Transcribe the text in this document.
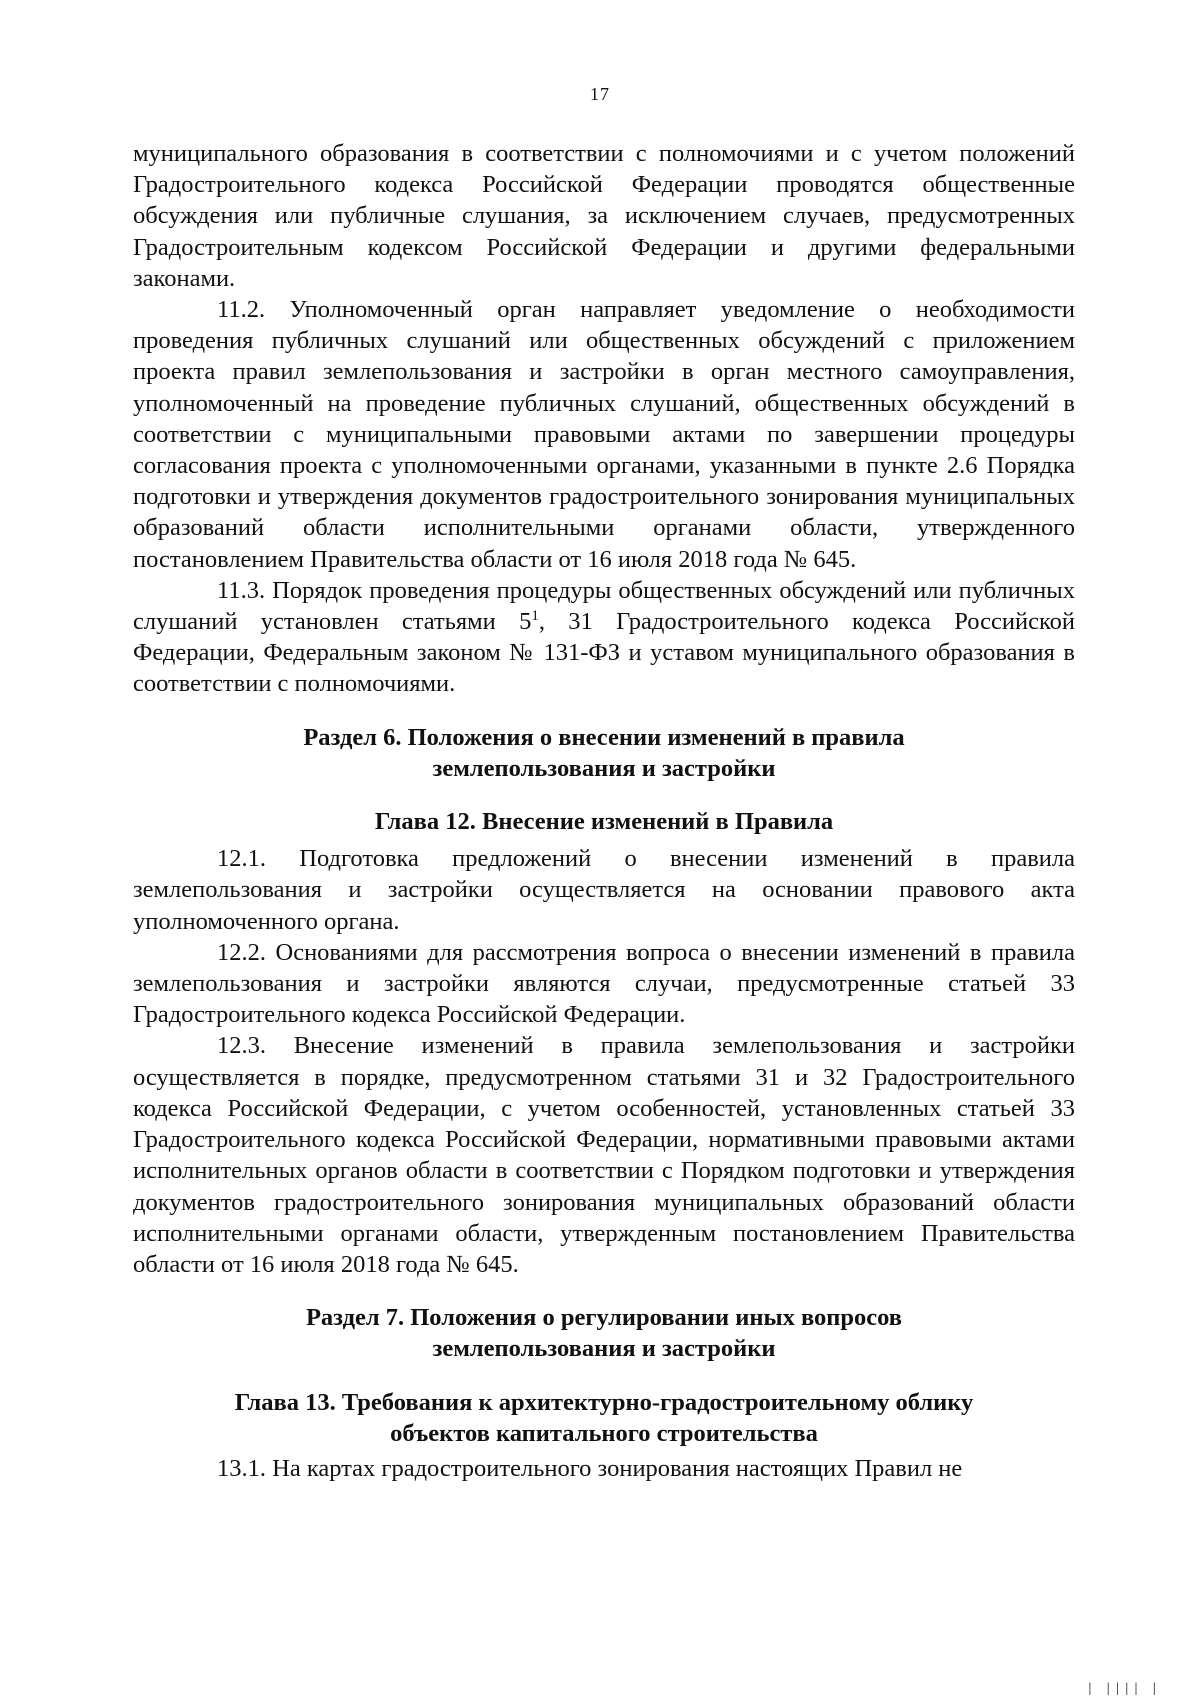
17

муниципального образования в соответствии с полномочиями и с учетом положений Градостроительного кодекса Российской Федерации проводятся общественные обсуждения или публичные слушания, за исключением случаев, предусмотренных Градостроительным кодексом Российской Федерации и другими федеральными законами.

11.2. Уполномоченный орган направляет уведомление о необходимости проведения публичных слушаний или общественных обсуждений с приложением проекта правил землепользования и застройки в орган местного самоуправления, уполномоченный на проведение публичных слушаний, общественных обсуждений в соответствии с муниципальными правовыми актами по завершении процедуры согласования проекта с уполномоченными органами, указанными в пункте 2.6 Порядка подготовки и утверждения документов градостроительного зонирования муниципальных образований области исполнительными органами области, утвержденного постановлением Правительства области от 16 июля 2018 года № 645.

11.3. Порядок проведения процедуры общественных обсуждений или публичных слушаний установлен статьями $5^1$, 31 Градостроительного кодекса Российской Федерации, Федеральным законом № 131-ФЗ и уставом муниципального образования в соответствии с полномочиями.

Раздел 6. Положения о внесении изменений в правила
землепользования и застройки
Глава 12. Внесение изменений в Правила

12.1. Подготовка предложений о внесении изменений в правила землепользования и застройки осуществляется на основании правового акта уполномоченного органа.

12.2. Основаниями для рассмотрения вопроса о внесении изменений в правила землепользования и застройки являются случаи, предусмотренные статьей 33 Градостроительного кодекса Российской Федерации.

12.3. Внесение изменений в правила землепользования и застройки осуществляется в порядке, предусмотренном статьями 31 и 32 Градостроительного кодекса Российской Федерации, с учетом особенностей, установленных статьей 33 Градостроительного кодекса Российской Федерации, нормативными правовыми актами исполнительных органов области в соответствии с Порядком подготовки и утверждения документов градостроительного зонирования муниципальных образований области исполнительными органами области, утвержденным постановлением Правительства области от 16 июля 2018 года № 645.

Раздел 7. Положения о регулировании иных вопросов
землепользования и застройки
Глава 13. Требования к архитектурно-градостроительному облику
объектов капитального строительства

13.1. На картах градостроительного зонирования настоящих Правил не

| |||| |
